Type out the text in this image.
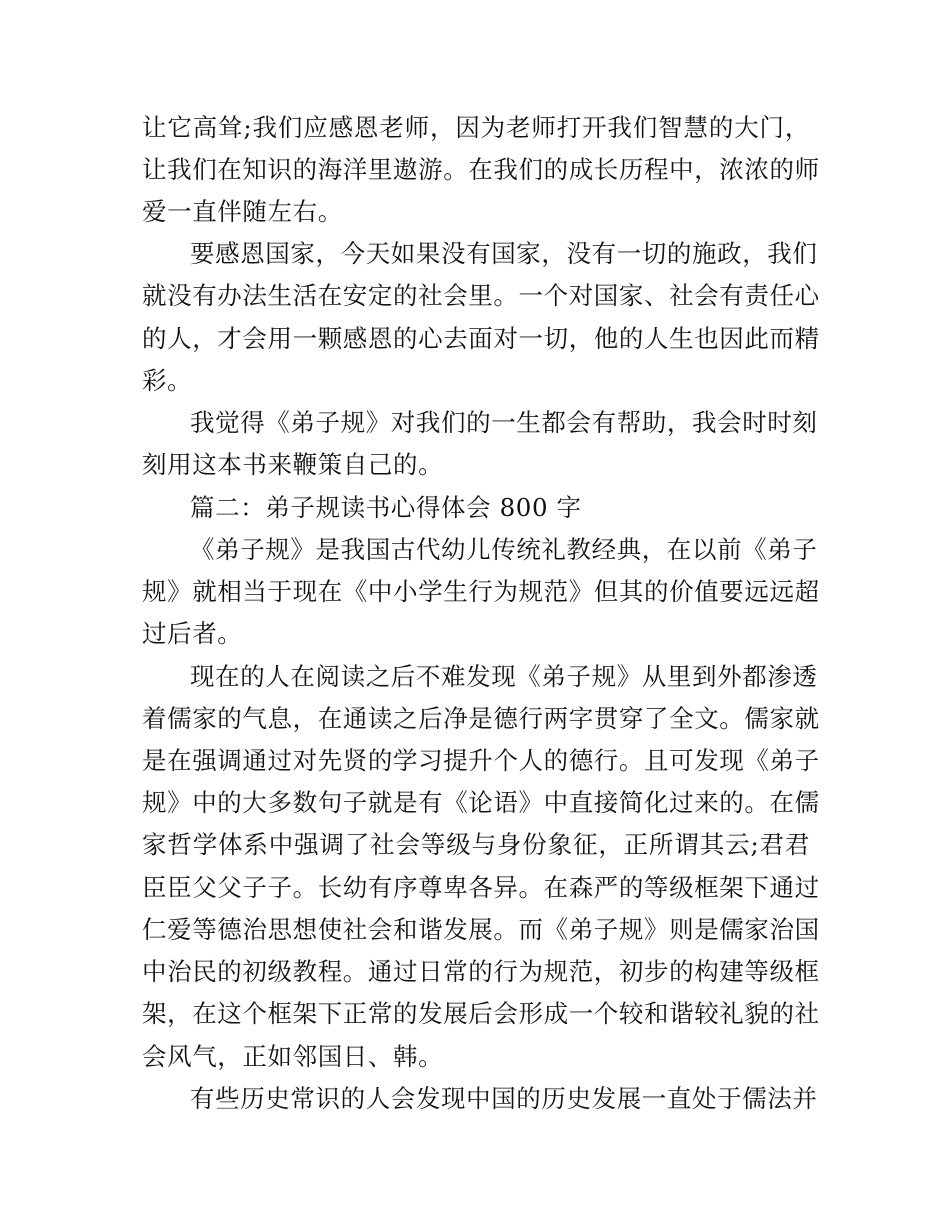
让它高耸;我们应感恩老师，因为老师打开我们智慧的大门，
让我们在知识的海洋里遨游。在我们的成长历程中，浓浓的师
爱一直伴随左右。
要感恩国家，今天如果没有国家，没有一切的施政，我们
就没有办法生活在安定的社会里。一个对国家、社会有责任心
的人，才会用一颗感恩的心去面对一切，他的人生也因此而精
彩。
我觉得《弟子规》对我们的一生都会有帮助，我会时时刻
刻用这本书来鞭策自己的。
篇二：弟子规读书心得体会 800 字
《弟子规》是我国古代幼儿传统礼教经典，在以前《弟子
规》就相当于现在《中小学生行为规范》但其的价值要远远超
过后者。
现在的人在阅读之后不难发现《弟子规》从里到外都渗透
着儒家的气息，在通读之后净是德行两字贯穿了全文。儒家就
是在强调通过对先贤的学习提升个人的德行。且可发现《弟子
规》中的大多数句子就是有《论语》中直接简化过来的。在儒
家哲学体系中强调了社会等级与身份象征，正所谓其云;君君
臣臣父父子子。长幼有序尊卑各异。在森严的等级框架下通过
仁爱等德治思想使社会和谐发展。而《弟子规》则是儒家治国
中治民的初级教程。通过日常的行为规范，初步的构建等级框
架，在这个框架下正常的发展后会形成一个较和谐较礼貌的社
会风气，正如邻国日、韩。
有些历史常识的人会发现中国的历史发展一直处于儒法并
